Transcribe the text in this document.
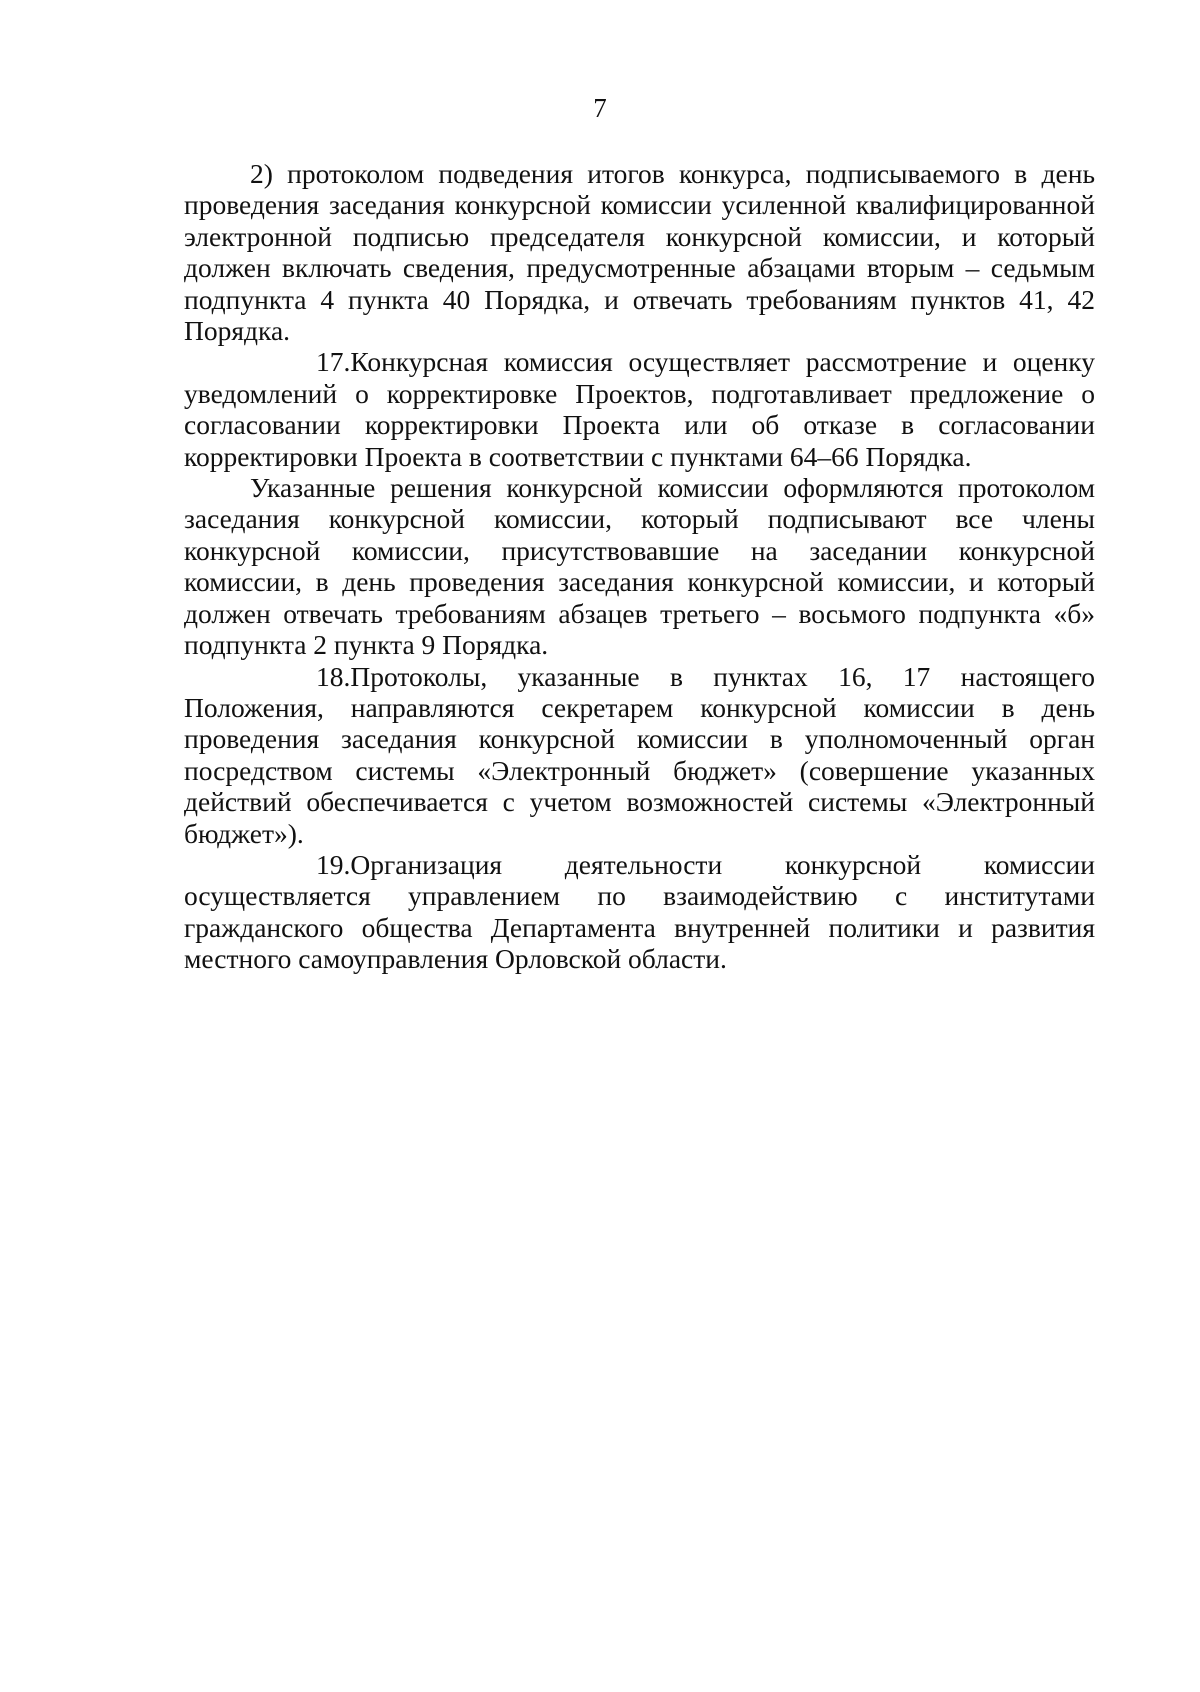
7

2) протоколом подведения итогов конкурса, подписываемого в день проведения заседания конкурсной комиссии усиленной квалифицированной электронной подписью председателя конкурсной комиссии, и который должен включать сведения, предусмотренные абзацами вторым – седьмым подпункта 4 пункта 40 Порядка, и отвечать требованиям пунктов 41, 42 Порядка.

17.Конкурсная комиссия осуществляет рассмотрение и оценку уведомлений о корректировке Проектов, подготавливает предложение о согласовании корректировки Проекта или об отказе в согласовании корректировки Проекта в соответствии с пунктами 64–66 Порядка.

Указанные решения конкурсной комиссии оформляются протоколом заседания конкурсной комиссии, который подписывают все члены конкурсной комиссии, присутствовавшие на заседании конкурсной комиссии, в день проведения заседания конкурсной комиссии, и который должен отвечать требованиям абзацев третьего – восьмого подпункта «б» подпункта 2 пункта 9 Порядка.

18.Протоколы, указанные в пунктах 16, 17 настоящего Положения, направляются секретарем конкурсной комиссии в день проведения заседания конкурсной комиссии в уполномоченный орган посредством системы «Электронный бюджет» (совершение указанных действий обеспечивается с учетом возможностей системы «Электронный бюджет»).

19.Организация деятельности конкурсной комиссии осуществляется управлением по взаимодействию с институтами гражданского общества Департамента внутренней политики и развития местного самоуправления Орловской области.
